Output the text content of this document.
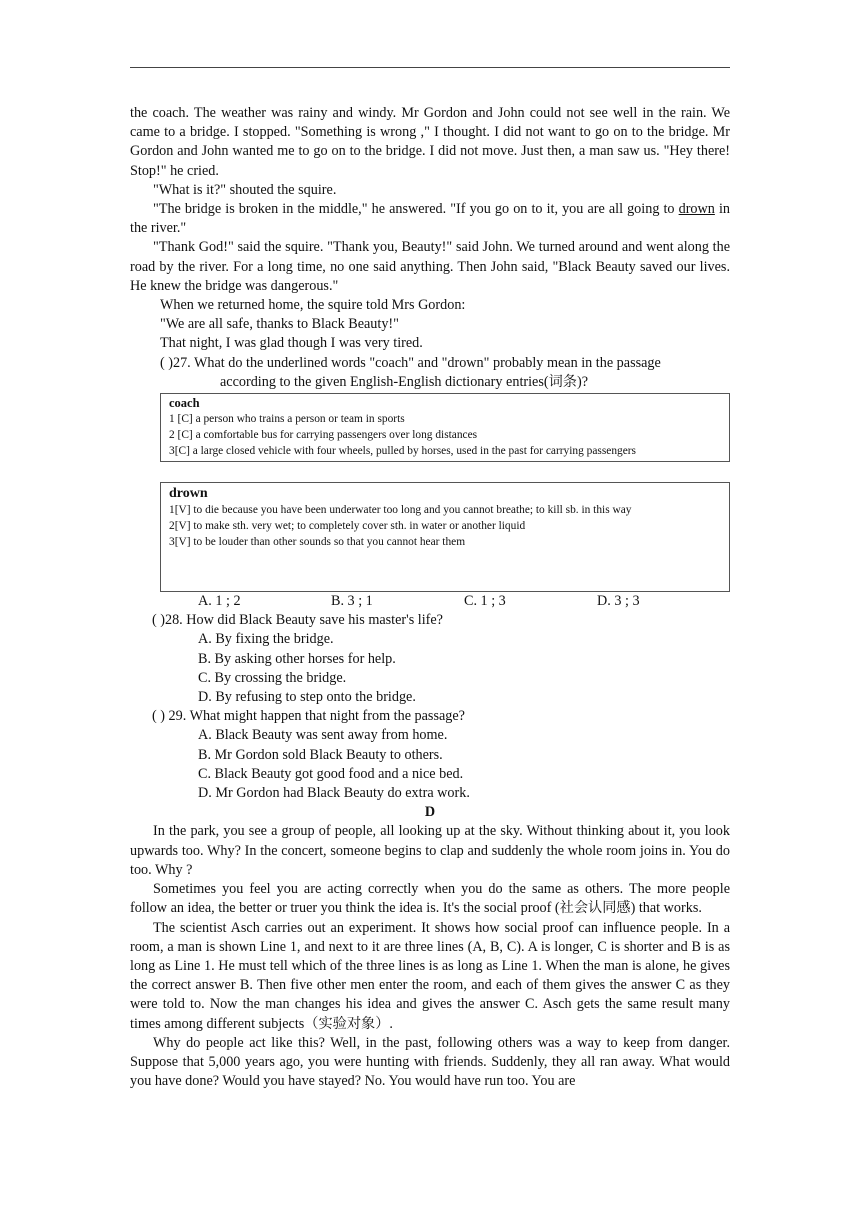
the coach. The weather was rainy and windy. Mr Gordon and John could not see well in the rain. We came to a bridge. I stopped. "Something is wrong ," I thought. I did not want to go on to the bridge. Mr Gordon and John wanted me to go on to the bridge. I did not move. Just then, a man saw us. "Hey there! Stop!" he cried.

"What is it?" shouted the squire.

"The bridge is broken in the middle," he answered. "If you go on to it, you are all going to drown in the river."

"Thank God!" said the squire. "Thank you, Beauty!" said John. We turned around and went along the road by the river. For a long time, no one said anything. Then John said, "Black Beauty saved our lives. He knew the bridge was dangerous."

When we returned home, the squire told Mrs Gordon:

"We are all safe, thanks to Black Beauty!"

That night, I was glad though I was very tired.

( )27. What do the underlined words "coach" and "drown" probably mean in the passage
according to the given English-English dictionary entries(词条)?
coach
1 [C] a person who trains a person or team in sports
2 [C] a comfortable bus for carrying passengers over long distances
3[C] a large closed vehicle with four wheels, pulled by horses, used in the past for carrying passengers
drown
1[V] to die because you have been underwater too long and you cannot breathe; to kill sb. in this way
2[V] to make sth. very wet; to completely cover sth. in water or another liquid
3[V] to be louder than other sounds so that you cannot hear them
A. 1 ; 2	B. 3 ; 1	C. 1 ; 3	D. 3 ; 3

( )28. How did Black Beauty save his master's life?

A. By fixing the bridge.

B. By asking other horses for help.

C. By crossing the bridge.

D. By refusing to step onto the bridge.

( ) 29. What might happen that night from the passage?

A. Black Beauty was sent away from home.

B. Mr Gordon sold Black Beauty to others.

C. Black Beauty got good food and a nice bed.

D. Mr Gordon had Black Beauty do extra work.

D

In the park, you see a group of people, all looking up at the sky. Without thinking about it, you look upwards too. Why? In the concert, someone begins to clap and suddenly the whole room joins in. You do too. Why ?

Sometimes you feel you are acting correctly when you do the same as others. The more people follow an idea, the better or truer you think the idea is. It's the social proof (社会认同感) that works.

The scientist Asch carries out an experiment. It shows how social proof can influence people. In a room, a man is shown Line 1, and next to it are three lines (A, B, C). A is longer, C is shorter and B is as long as Line 1. He must tell which of the three lines is as long as Line 1. When the man is alone, he gives the correct answer B. Then five other men enter the room, and each of them gives the answer C as they were told to. Now the man changes his idea and gives the answer C. Asch gets the same result many times among different subjects（实验对象）.

Why do people act like this? Well, in the past, following others was a way to keep from danger. Suppose that 5,000 years ago, you were hunting with friends. Suddenly, they all ran away. What would you have done? Would you have stayed? No. You would have run too. You are
